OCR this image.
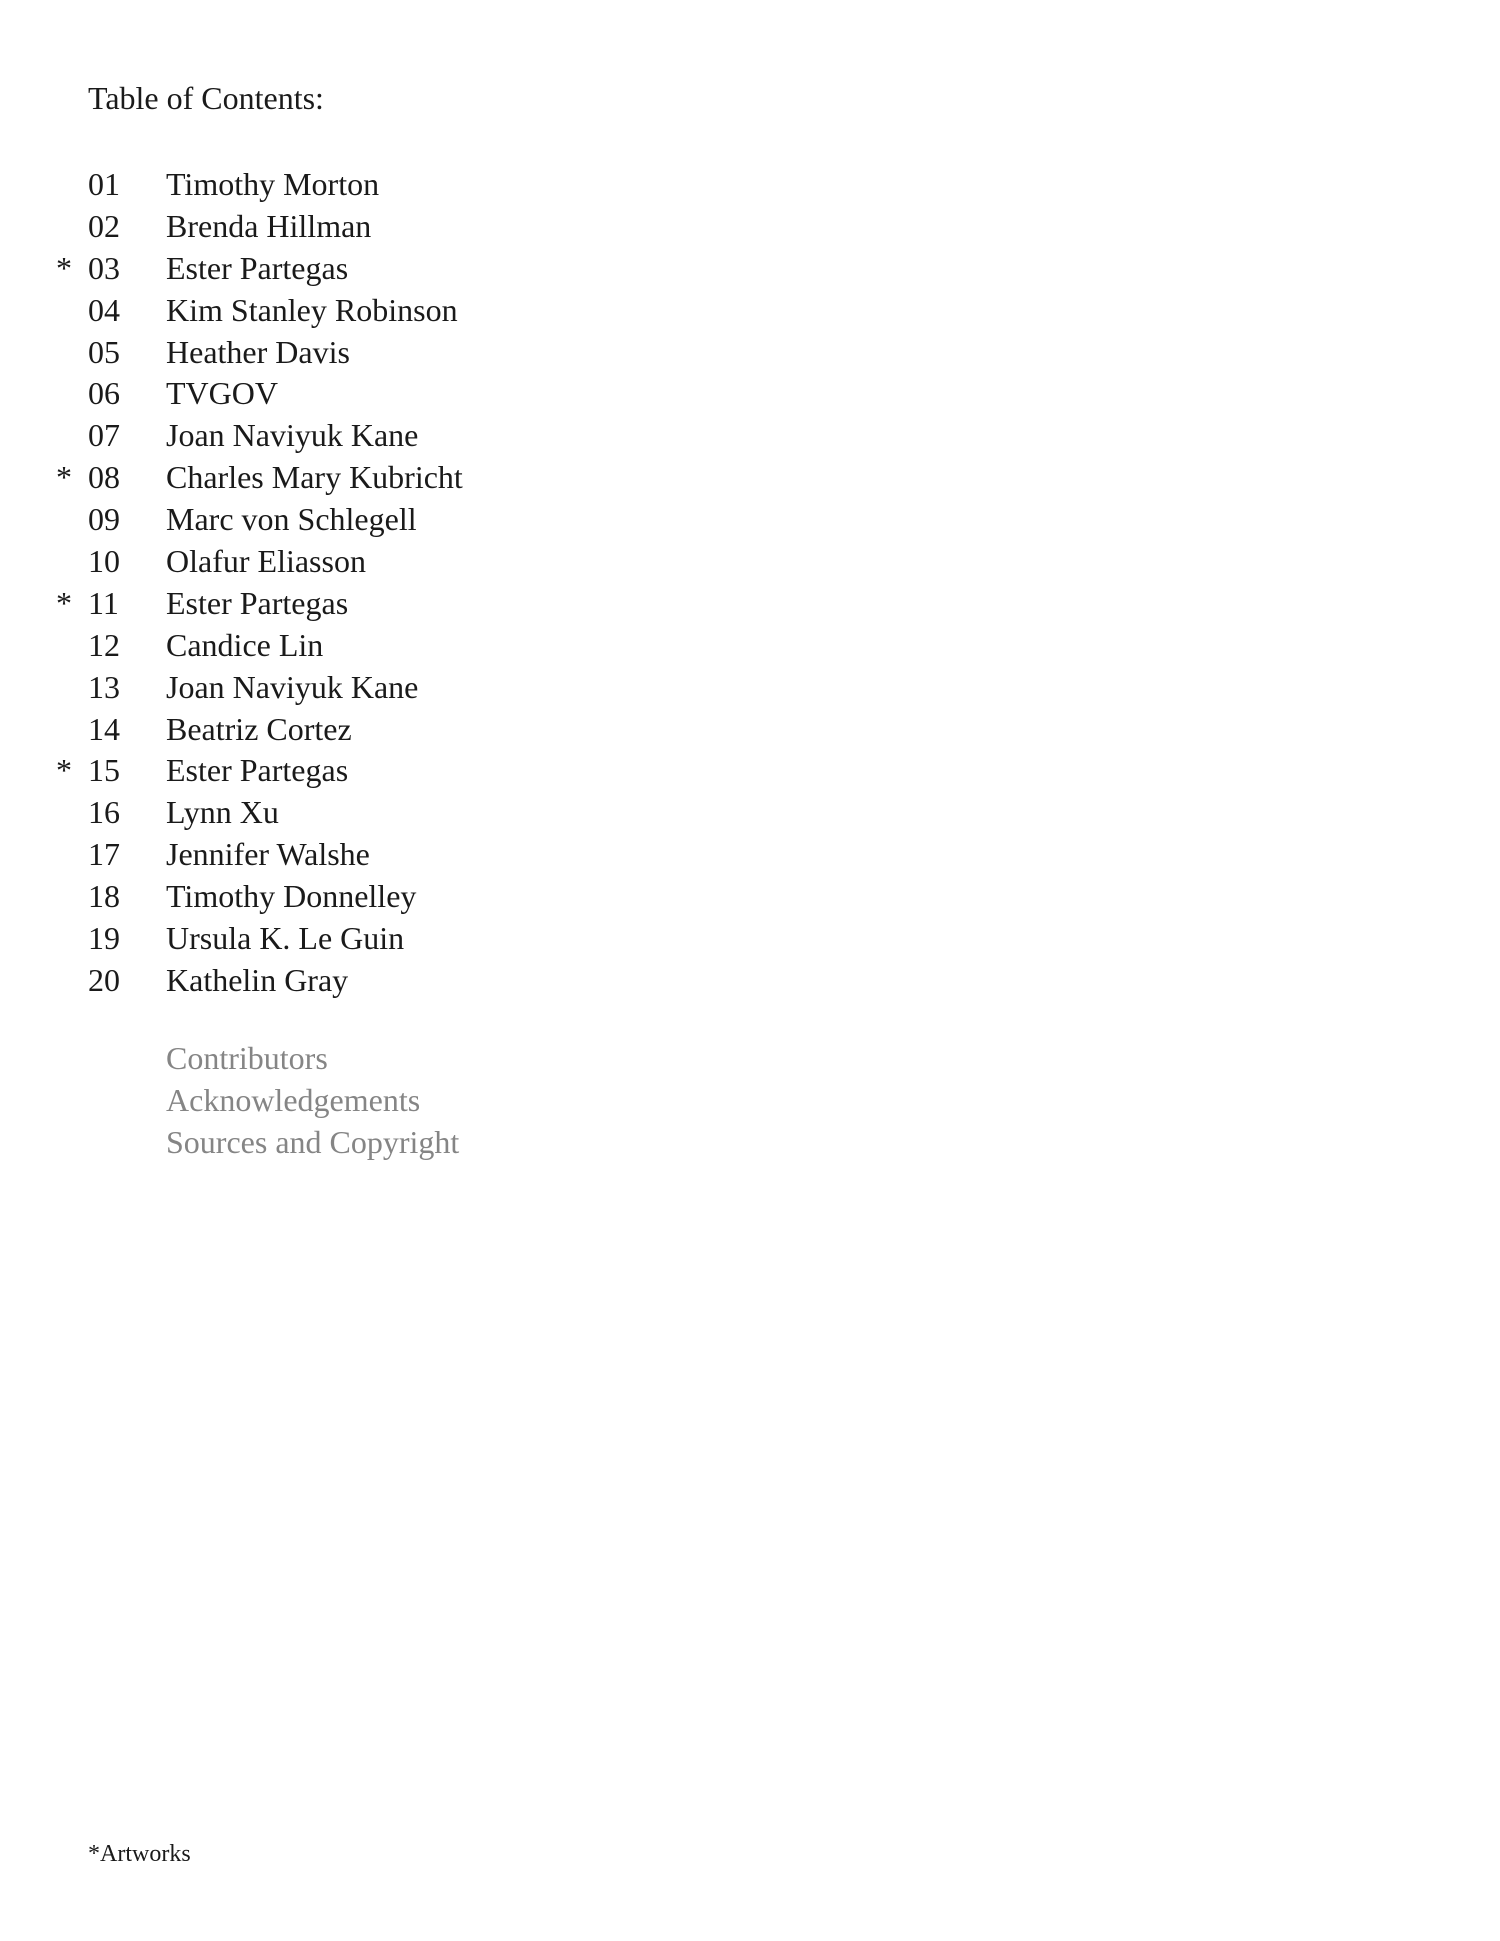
Table of Contents:
01 Timothy Morton
02 Brenda Hillman
* 03 Ester Partegas
04 Kim Stanley Robinson
05 Heather Davis
06 TVGOV
07 Joan Naviyuk Kane
* 08 Charles Mary Kubricht
09 Marc von Schlegell
10 Olafur Eliasson
* 11 Ester Partegas
12 Candice Lin
13 Joan Naviyuk Kane
14 Beatriz Cortez
* 15 Ester Partegas
16 Lynn Xu
17 Jennifer Walshe
18 Timothy Donnelley
19 Ursula K. Le Guin
20 Kathelin Gray
Contributors
Acknowledgements
Sources and Copyright
*Artworks
